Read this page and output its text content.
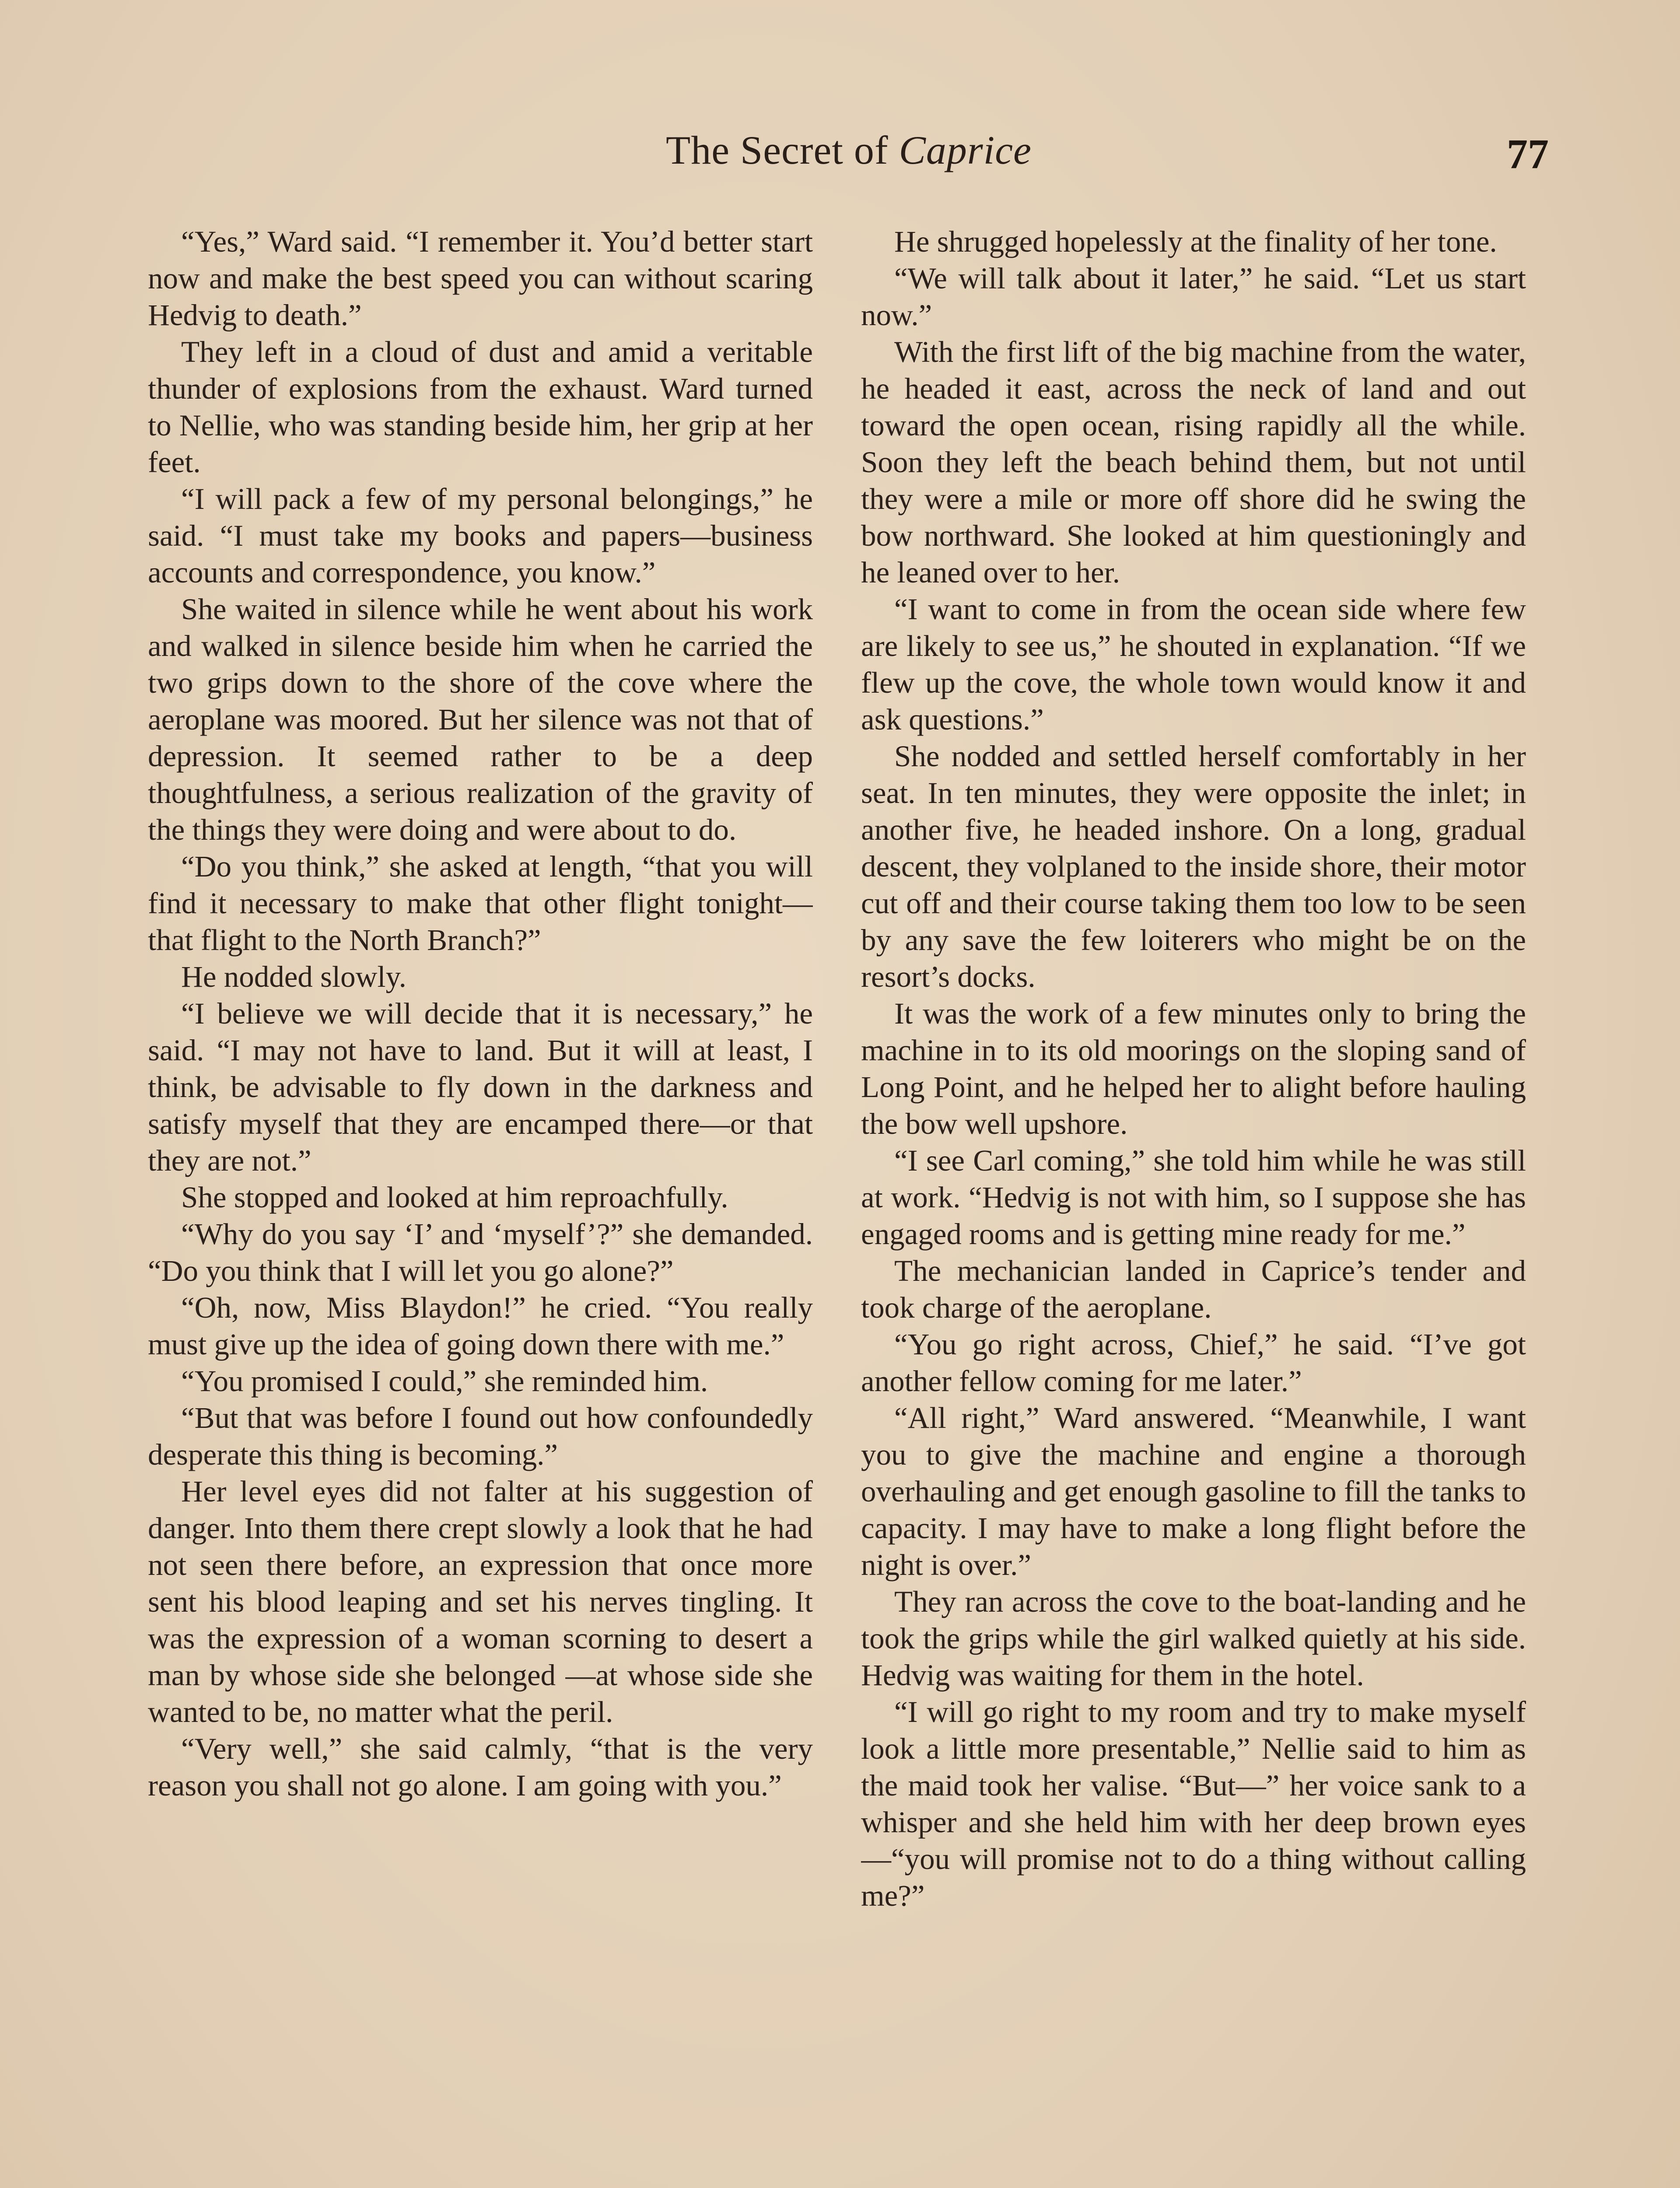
The Secret of Caprice	77

“Yes,” Ward said. “I remember it. You’d better start now and make the best speed you can without scaring Hedvig to death.”

They left in a cloud of dust and amid a veritable thunder of explosions from the exhaust. Ward turned to Nellie, who was standing beside him, her grip at her feet.

“I will pack a few of my personal belongings,” he said. “I must take my books and papers—business accounts and correspondence, you know.”

She waited in silence while he went about his work and walked in silence beside him when he carried the two grips down to the shore of the cove where the aeroplane was moored. But her silence was not that of depression. It seemed rather to be a deep thoughtfulness, a serious realization of the gravity of the things they were doing and were about to do.

“Do you think,” she asked at length, “that you will find it necessary to make that other flight tonight—that flight to the North Branch?”

He nodded slowly.

“I believe we will decide that it is necessary,” he said. “I may not have to land. But it will at least, I think, be advisable to fly down in the darkness and satisfy myself that they are encamped there—or that they are not.”

She stopped and looked at him reproachfully.

“Why do you say ‘I’ and ‘myself’?” she demanded. “Do you think that I will let you go alone?”

“Oh, now, Miss Blaydon!” he cried. “You really must give up the idea of going down there with me.”

“You promised I could,” she reminded him.

“But that was before I found out how confoundedly desperate this thing is becoming.”

Her level eyes did not falter at his suggestion of danger. Into them there crept slowly a look that he had not seen there before, an expression that once more sent his blood leaping and set his nerves tingling. It was the expression of a woman scorning to desert a man by whose side she belonged —at whose side she wanted to be, no matter what the peril.

“Very well,” she said calmly, “that is the very reason you shall not go alone. I am going with you.”

He shrugged hopelessly at the finality of her tone.

“We will talk about it later,” he said. “Let us start now.”

With the first lift of the big machine from the water, he headed it east, across the neck of land and out toward the open ocean, rising rapidly all the while. Soon they left the beach behind them, but not until they were a mile or more off shore did he swing the bow northward. She looked at him questioningly and he leaned over to her.

“I want to come in from the ocean side where few are likely to see us,” he shouted in explanation. “If we flew up the cove, the whole town would know it and ask questions.”

She nodded and settled herself comfortably in her seat. In ten minutes, they were opposite the inlet; in another five, he headed inshore. On a long, gradual descent, they volplaned to the inside shore, their motor cut off and their course taking them too low to be seen by any save the few loiterers who might be on the resort’s docks.

It was the work of a few minutes only to bring the machine in to its old moorings on the sloping sand of Long Point, and he helped her to alight before hauling the bow well upshore.

“I see Carl coming,” she told him while he was still at work. “Hedvig is not with him, so I suppose she has engaged rooms and is getting mine ready for me.”

The mechanician landed in Caprice’s tender and took charge of the aeroplane.

“You go right across, Chief,” he said. “I’ve got another fellow coming for me later.”

“All right,” Ward answered. “Meanwhile, I want you to give the machine and engine a thorough overhauling and get enough gasoline to fill the tanks to capacity. I may have to make a long flight before the night is over.”

They ran across the cove to the boat-landing and he took the grips while the girl walked quietly at his side. Hedvig was waiting for them in the hotel.

“I will go right to my room and try to make myself look a little more presentable,” Nellie said to him as the maid took her valise. “But—” her voice sank to a whisper and she held him with her deep brown eyes—“you will promise not to do a thing without calling me?”
